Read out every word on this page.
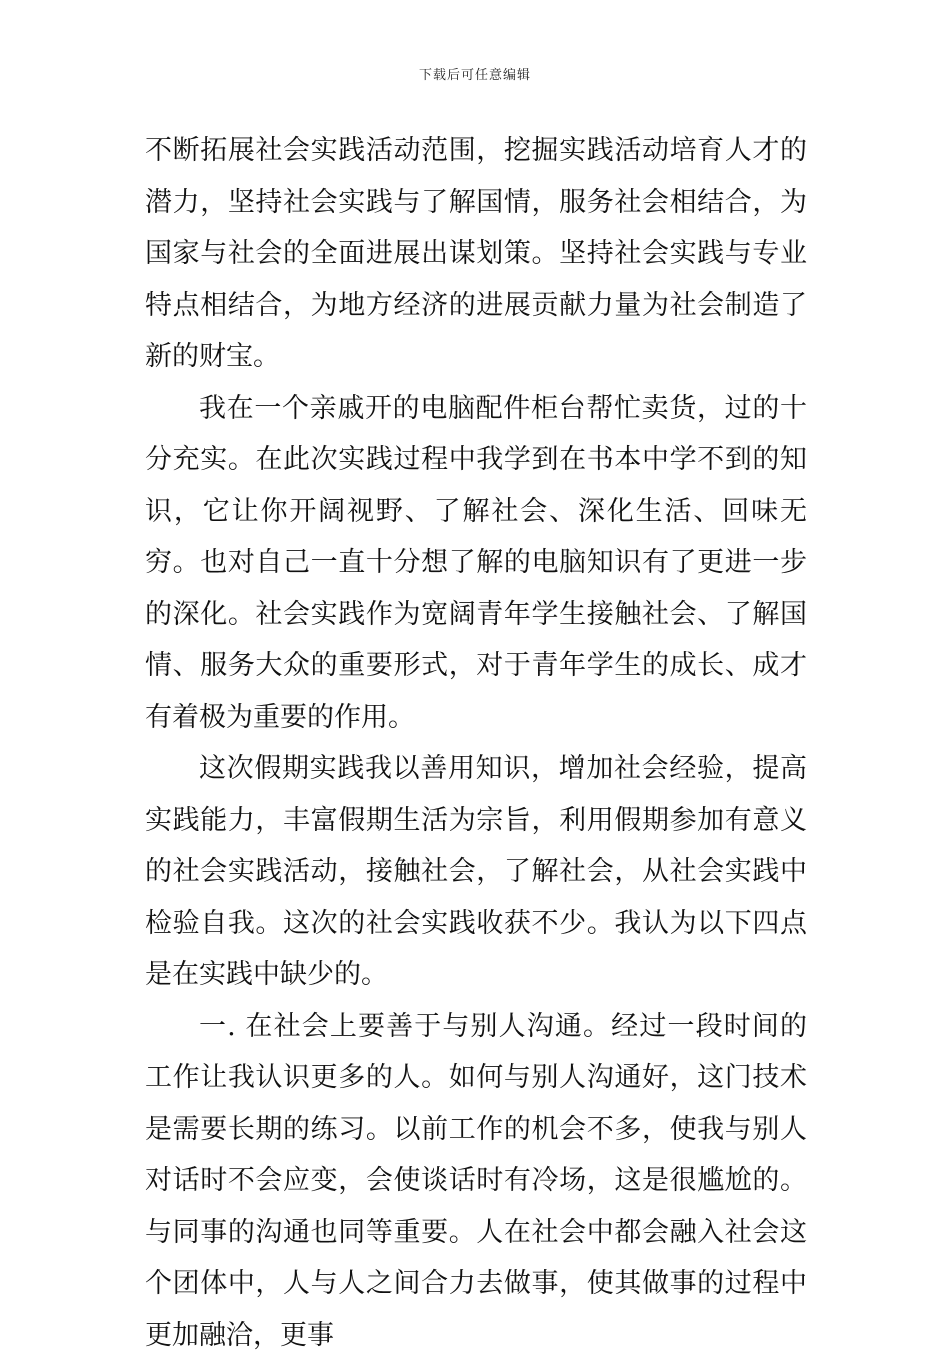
下载后可任意编辑

不断拓展社会实践活动范围，挖掘实践活动培育人才的潜力，坚持社会实践与了解国情，服务社会相结合，为国家与社会的全面进展出谋划策。坚持社会实践与专业特点相结合，为地方经济的进展贡献力量为社会制造了新的财宝。

我在一个亲戚开的电脑配件柜台帮忙卖货，过的十分充实。在此次实践过程中我学到在书本中学不到的知识，它让你开阔视野、了解社会、深化生活、回味无穷。也对自己一直十分想了解的电脑知识有了更进一步的深化。社会实践作为宽阔青年学生接触社会、了解国情、服务大众的重要形式，对于青年学生的成长、成才有着极为重要的作用。

这次假期实践我以善用知识，增加社会经验，提高实践能力，丰富假期生活为宗旨，利用假期参加有意义的社会实践活动，接触社会，了解社会，从社会实践中检验自我。这次的社会实践收获不少。我认为以下四点是在实践中缺少的。

一. 在社会上要善于与别人沟通。经过一段时间的工作让我认识更多的人。如何与别人沟通好，这门技术是需要长期的练习。以前工作的机会不多，使我与别人对话时不会应变，会使谈话时有冷场，这是很尴尬的。与同事的沟通也同等重要。人在社会中都会融入社会这个团体中，人与人之间合力去做事，使其做事的过程中更加融洽，更事
